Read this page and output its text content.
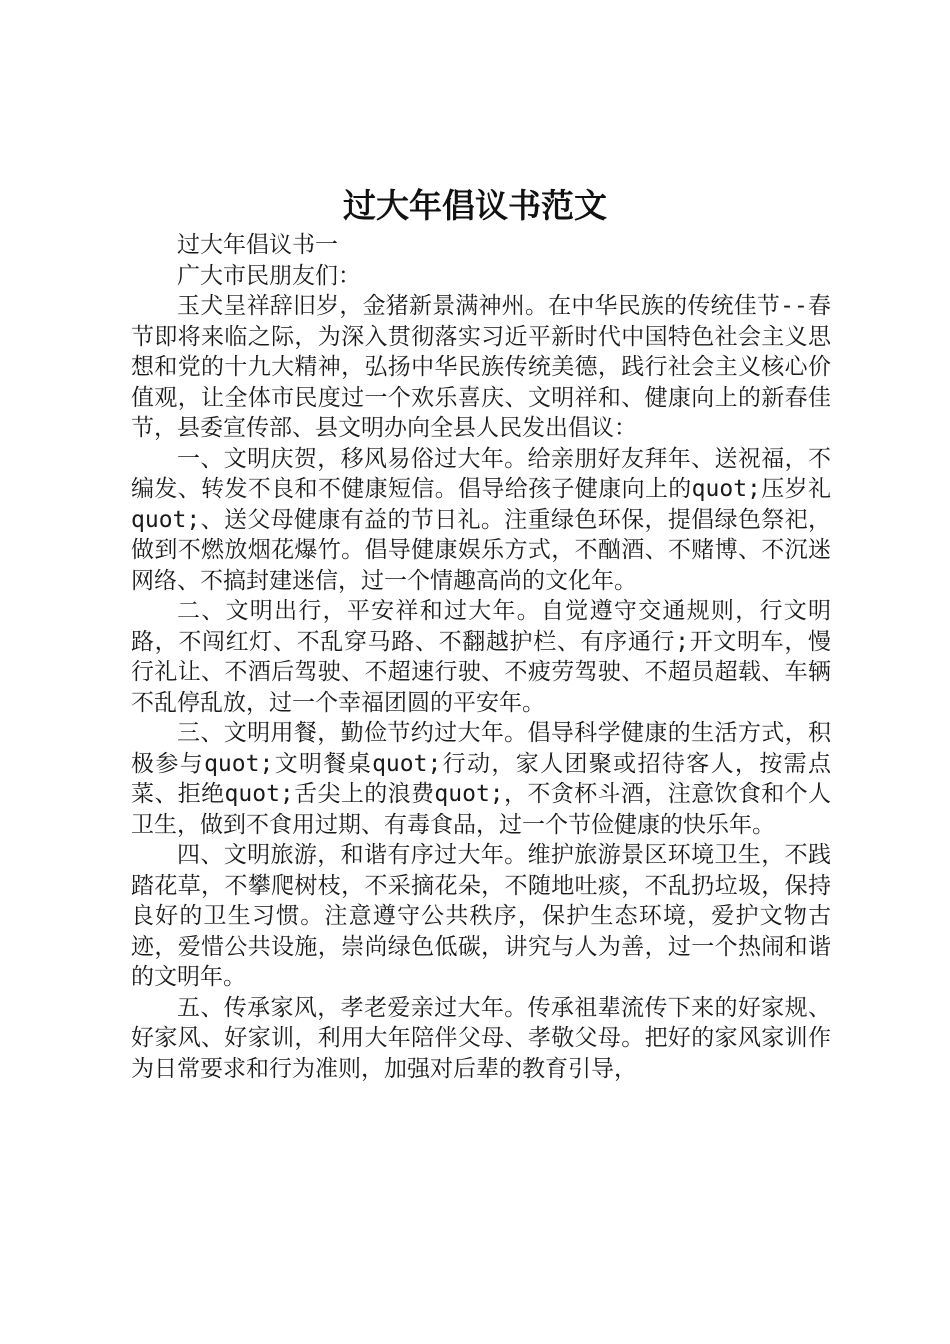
过大年倡议书范文

过大年倡议书一

广大市民朋友们：

玉犬呈祥辞旧岁，金猪新景满神州。在中华民族的传统佳节--春节即将来临之际，为深入贯彻落实习近平新时代中国特色社会主义思想和党的十九大精神，弘扬中华民族传统美德，践行社会主义核心价值观，让全体市民度过一个欢乐喜庆、文明祥和、健康向上的新春佳节，县委宣传部、县文明办向全县人民发出倡议：

一、文明庆贺，移风易俗过大年。给亲朋好友拜年、送祝福，不编发、转发不良和不健康短信。倡导给孩子健康向上的quot;压岁礼quot;、送父母健康有益的节日礼。注重绿色环保，提倡绿色祭祀，做到不燃放烟花爆竹。倡导健康娱乐方式，不酗酒、不赌博、不沉迷网络、不搞封建迷信，过一个情趣高尚的文化年。

二、文明出行，平安祥和过大年。自觉遵守交通规则，行文明路，不闯红灯、不乱穿马路、不翻越护栏、有序通行;开文明车，慢行礼让、不酒后驾驶、不超速行驶、不疲劳驾驶、不超员超载、车辆不乱停乱放，过一个幸福团圆的平安年。

三、文明用餐，勤俭节约过大年。倡导科学健康的生活方式，积极参与quot;文明餐桌quot;行动，家人团聚或招待客人，按需点菜、拒绝quot;舌尖上的浪费quot;，不贪杯斗酒，注意饮食和个人卫生，做到不食用过期、有毒食品，过一个节俭健康的快乐年。

四、文明旅游，和谐有序过大年。维护旅游景区环境卫生，不践踏花草，不攀爬树枝，不采摘花朵，不随地吐痰，不乱扔垃圾，保持良好的卫生习惯。注意遵守公共秩序，保护生态环境，爱护文物古迹，爱惜公共设施，崇尚绿色低碳，讲究与人为善，过一个热闹和谐的文明年。

五、传承家风，孝老爱亲过大年。传承祖辈流传下来的好家规、好家风、好家训，利用大年陪伴父母、孝敬父母。把好的家风家训作为日常要求和行为准则，加强对后辈的教育引导，
